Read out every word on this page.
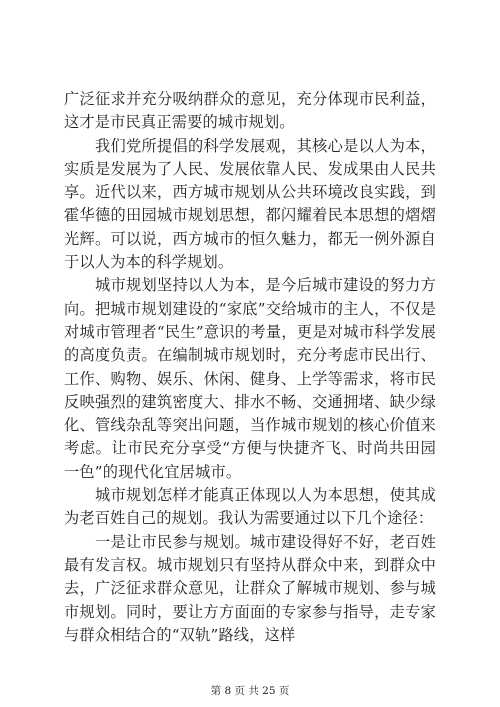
广泛征求并充分吸纳群众的意见，充分体现市民利益，这才是市民真正需要的城市规划。

我们党所提倡的科学发展观，其核心是以人为本，实质是发展为了人民、发展依靠人民、发成果由人民共享。近代以来，西方城市规划从公共环境改良实践，到霍华德的田园城市规划思想，都闪耀着民本思想的熠熠光辉。可以说，西方城市的恒久魅力，都无一例外源自于以人为本的科学规划。

城市规划坚持以人为本，是今后城市建设的努力方向。把城市规划建设的“家底”交给城市的主人，不仅是对城市管理者“民生”意识的考量，更是对城市科学发展的高度负责。在编制城市规划时，充分考虑市民出行、工作、购物、娱乐、休闲、健身、上学等需求，将市民反映强烈的建筑密度大、排水不畅、交通拥堵、缺少绿化、管线杂乱等突出问题，当作城市规划的核心价值来考虑。让市民充分享受“方便与快捷齐飞、时尚共田园一色”的现代化宜居城市。

城市规划怎样才能真正体现以人为本思想，使其成为老百姓自己的规划。我认为需要通过以下几个途径：

一是让市民参与规划。城市建设得好不好，老百姓最有发言权。城市规划只有坚持从群众中来，到群众中去，广泛征求群众意见，让群众了解城市规划、参与城市规划。同时，要让方方面面的专家参与指导，走专家与群众相结合的“双轨”路线，这样

第 8 页 共 25 页
